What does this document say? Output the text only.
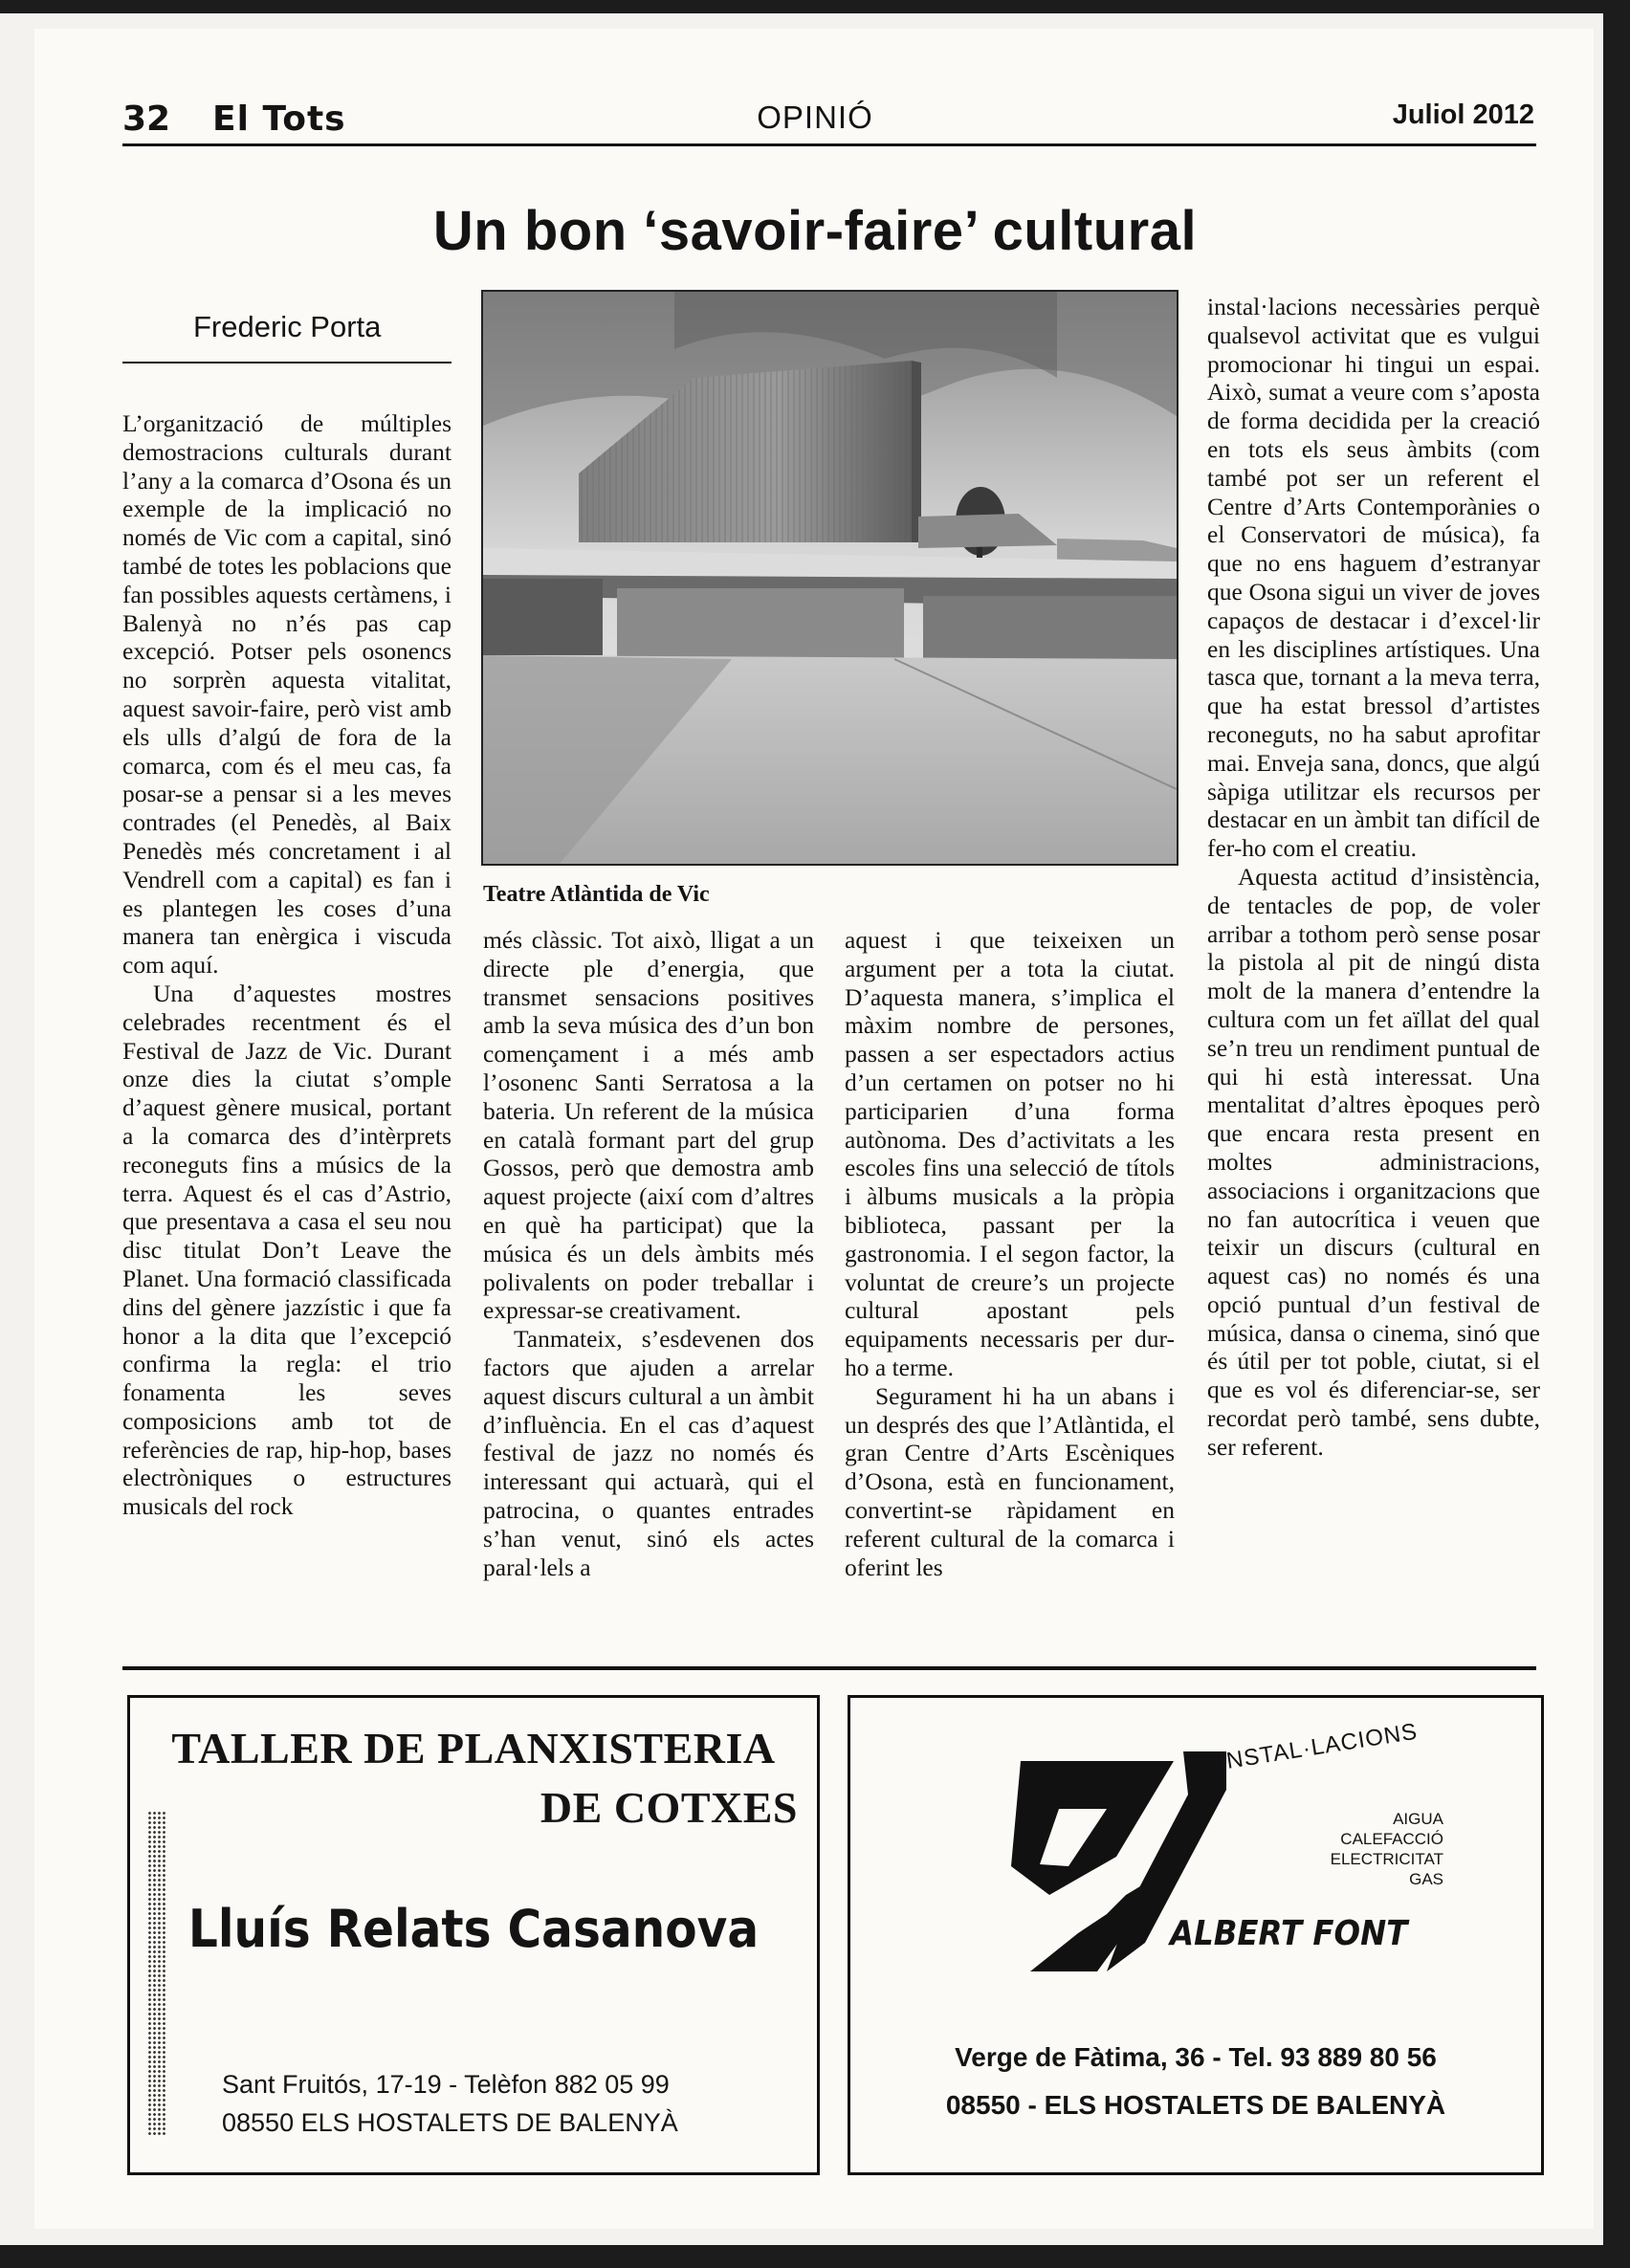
32 El Tots	OPINIÓ	Juliol 2012
Un bon ‘savoir-faire’ cultural
Frederic Porta

L’organització de múltiples demostracions culturals durant l’any a la comarca d’Osona és un exemple de la implicació no només de Vic com a capital, sinó també de totes les poblacions que fan possibles aquests certàmens, i Balenyà no n’és pas cap excepció. Potser pels osonencs no sorprèn aquesta vitalitat, aquest savoir-faire, però vist amb els ulls d’algú de fora de la comarca, com és el meu cas, fa posar-se a pensar si a les meves contrades (el Penedès, al Baix Penedès més concretament i al Vendrell com a capital) es fan i es plantegen les coses d’una manera tan enèrgica i viscuda com aquí.

Una d’aquestes mostres celebrades recentment és el Festival de Jazz de Vic. Durant onze dies la ciutat s’omple d’aquest gènere musical, portant a la comarca des d’intèrprets reconeguts fins a músics de la terra. Aquest és el cas d’Astrio, que presentava a casa el seu nou disc titulat Don’t Leave the Planet. Una formació classificada dins del gènere jazzístic i que fa honor a la dita que l’excepció confirma la regla: el trio fonamenta les seves composicions amb tot de referències de rap, hip-hop, bases electròniques o estructures musicals del rock

Teatre Atlàntida de Vic

més clàssic. Tot això, lligat a un directe ple d’energia, que transmet sensacions positives amb la seva música des d’un bon començament i a més amb l’osonenc Santi Serratosa a la bateria. Un referent de la música en català formant part del grup Gossos, però que demostra amb aquest projecte (així com d’altres en què ha participat) que la música és un dels àmbits més polivalents on poder treballar i expressar-se creativament.

Tanmateix, s’esdevenen dos factors que ajuden a arrelar aquest discurs cultural a un àmbit d’influència. En el cas d’aquest festival de jazz no només és interessant qui actuarà, qui el patrocina, o quantes entrades s’han venut, sinó els actes paral·lels a

aquest i que teixeixen un argument per a tota la ciutat. D’aquesta manera, s’implica el màxim nombre de persones, passen a ser espectadors actius d’un certamen on potser no hi participarien d’una forma autònoma. Des d’activitats a les escoles fins una selecció de títols i àlbums musicals a la pròpia biblioteca, passant per la gastronomia. I el segon factor, la voluntat de creure’s un projecte cultural apostant pels equipaments necessaris per dur-ho a terme.

Segurament hi ha un abans i un després des que l’Atlàntida, el gran Centre d’Arts Escèniques d’Osona, està en funcionament, convertint-se ràpidament en referent cultural de la comarca i oferint les

instal·lacions necessàries perquè qualsevol activitat que es vulgui promocionar hi tingui un espai. Això, sumat a veure com s’aposta de forma decidida per la creació en tots els seus àmbits (com també pot ser un referent el Centre d’Arts Contemporànies o el Conservatori de música), fa que no ens haguem d’estranyar que Osona sigui un viver de joves capaços de destacar i d’excel·lir en les disciplines artístiques. Una tasca que, tornant a la meva terra, que ha estat bressol d’artistes reconeguts, no ha sabut aprofitar mai. Enveja sana, doncs, que algú sàpiga utilitzar els recursos per destacar en un àmbit tan difícil de fer-ho com el creatiu.

Aquesta actitud d’insistència, de tentacles de pop, de voler arribar a tothom però sense posar la pistola al pit de ningú dista molt de la manera d’entendre la cultura com un fet aïllat del qual se’n treu un rendiment puntual de qui hi està interessat. Una mentalitat d’altres èpoques però que encara resta present en moltes administracions, associacions i organitzacions que no fan autocrítica i veuen que teixir un discurs (cultural en aquest cas) no només és una opció puntual d’un festival de música, dansa o cinema, sinó que és útil per tot poble, ciutat, si el que es vol és diferenciar-se, ser recordat però també, sens dubte, ser referent.

TALLER DE PLANXISTERIA
DE COTXES
Lluís Relats Casanova
Sant Fruitós, 17-19 - Telèfon 882 05 99
08550 ELS HOSTALETS DE BALENYÀ
INSTAL·LACIONS
AIGUA
CALEFACCIÓ
ELECTRICITAT
GAS
ALBERT FONT
Verge de Fàtima, 36 - Tel. 93 889 80 56
08550 - ELS HOSTALETS DE BALENYÀ
